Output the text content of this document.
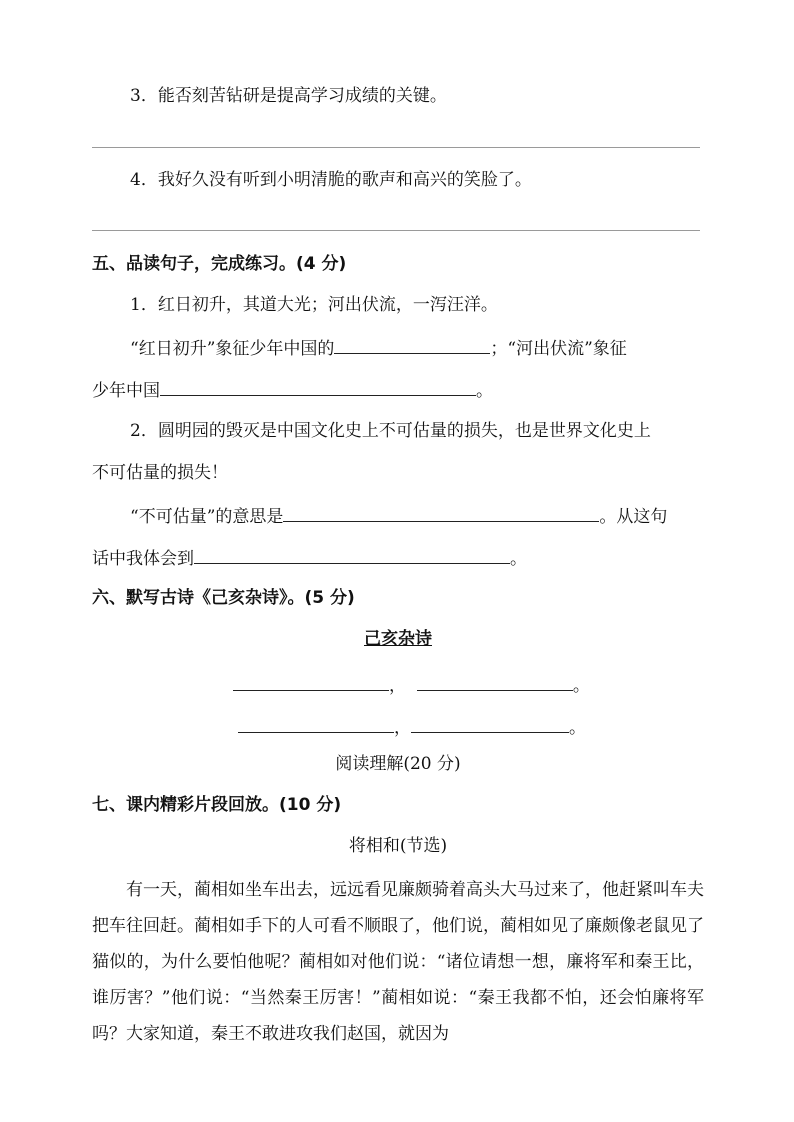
3．能否刻苦钻研是提高学习成绩的关键。
4．我好久没有听到小明清脆的歌声和高兴的笑脸了。
五、品读句子，完成练习。(4 分)
1．红日初升，其道大光；河出伏流，一泻汪洋。
“红日初升”象征少年中国的	；“河出伏流”象征
少年中国	。
2．圆明园的毁灭是中国文化史上不可估量的损失，也是世界文化史上
不可估量的损失！
“不可估量”的意思是	。从这句
话中我体会到	。
六、默写古诗《己亥杂诗》。(5 分)
己亥杂诗
，	。
，	。
阅读理解(20 分)
七、课内精彩片段回放。(10 分)
将相和(节选)
有一天，蔺相如坐车出去，远远看见廉颇骑着高头大马过来了，他赶紧叫车夫把车往回赶。蔺相如手下的人可看不顺眼了，他们说，蔺相如见了廉颇像老鼠见了猫似的，为什么要怕他呢？蔺相如对他们说：“诸位请想一想，廉将军和秦王比，谁厉害？”他们说：“当然秦王厉害！”蔺相如说：“秦王我都不怕，还会怕廉将军吗？大家知道，秦王不敢进攻我们赵国，就因为
